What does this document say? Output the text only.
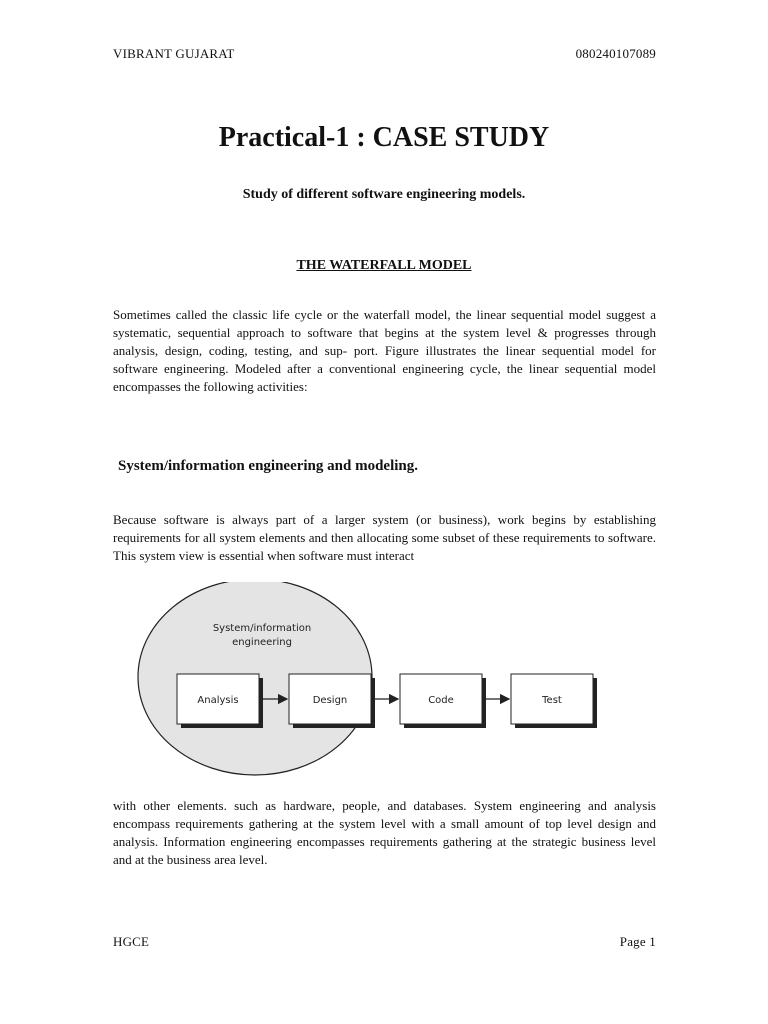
VIBRANT GUJARAT	080240107089
Practical-1 : CASE STUDY
Study of different software engineering models.
THE WATERFALL MODEL
Sometimes called the classic life cycle or the waterfall model, the linear sequential model suggest a systematic, sequential approach to software that begins at the system level & progresses through analysis, design, coding, testing, and sup- port. Figure illustrates the linear sequential model for software engineering. Modeled after a conventional engineering cycle, the linear sequential model encompasses the following activities:
System/information engineering and modeling.
Because software is always part of a larger system (or business), work begins by establishing requirements for all system elements and then allocating some subset of these requirements to software. This system view is essential when software must interact
System/information
engineering
Analysis	Design	Code	Test
with other elements. such as hardware, people, and databases. System engineering and analysis encompass requirements gathering at the system level with a small amount of top level design and analysis. Information engineering encompasses requirements gathering at the strategic business level and at the business area level.
HGCE	Page 1
